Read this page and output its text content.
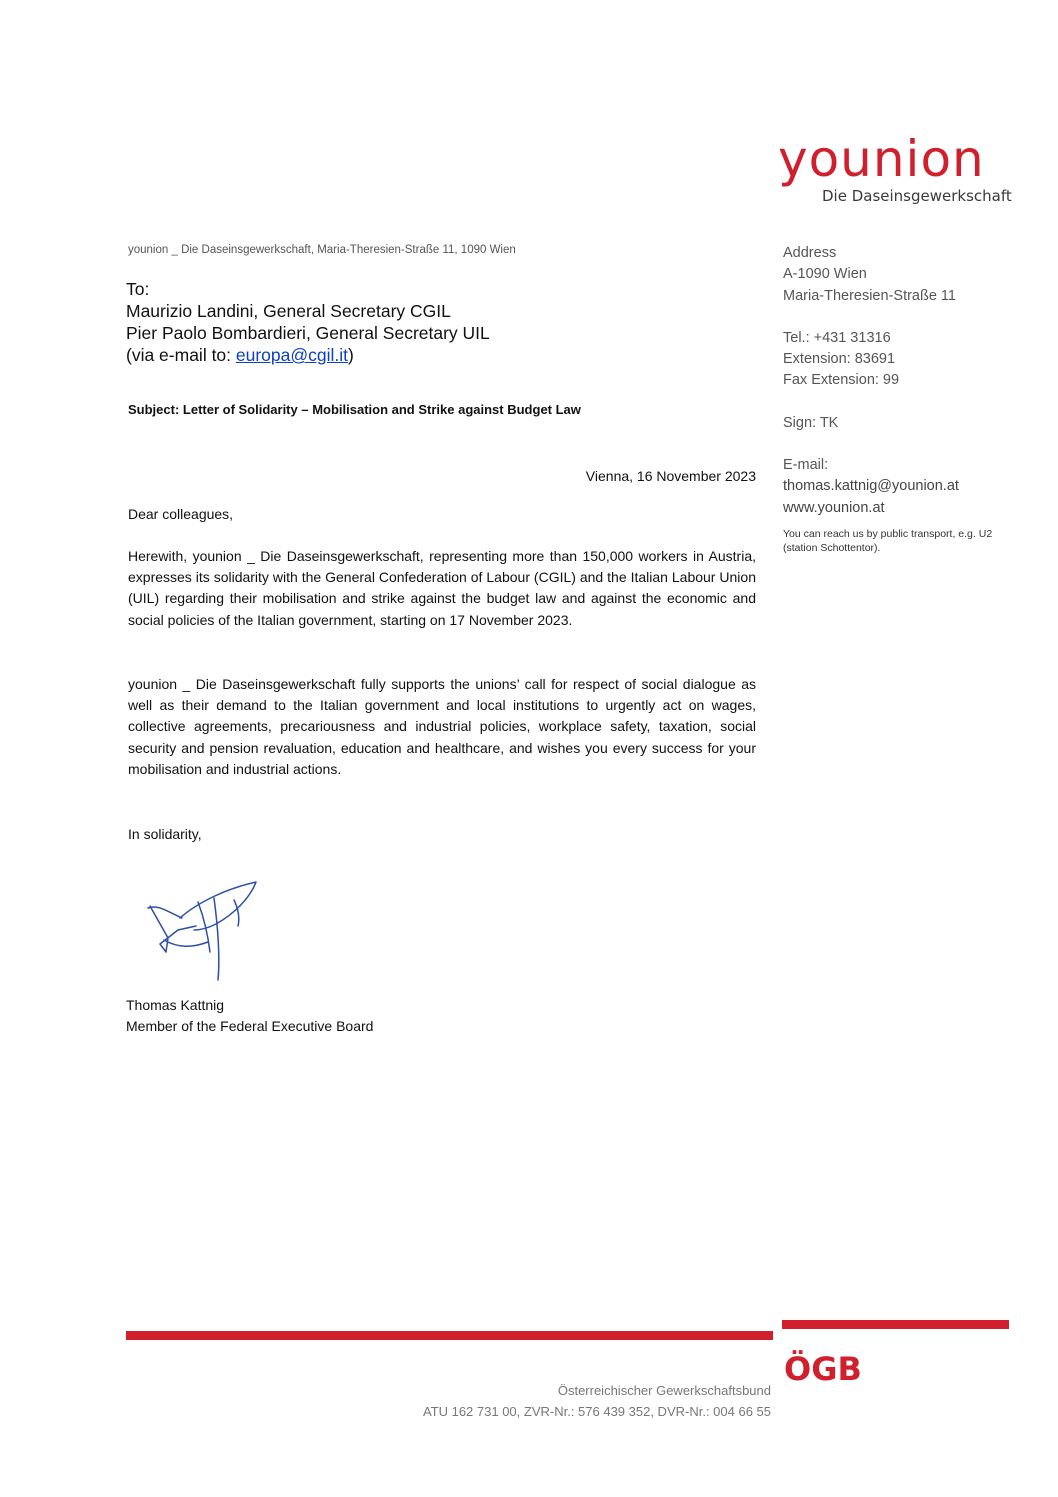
younion
Die Daseinsgewerkschaft
younion _ Die Daseinsgewerkschaft, Maria-Theresien-Straße 11, 1090 Wien
To:
Maurizio Landini, General Secretary CGIL
Pier Paolo Bombardieri, General Secretary UIL
(via e-mail to: europa@cgil.it)
Subject: Letter of Solidarity – Mobilisation and Strike against Budget Law
Vienna, 16 November 2023
Dear colleagues,
Herewith, younion _ Die Daseinsgewerkschaft, representing more than 150,000 workers in Austria, expresses its solidarity with the General Confederation of Labour (CGIL) and the Italian Labour Union (UIL) regarding their mobilisation and strike against the budget law and against the economic and social policies of the Italian government, starting on 17 November 2023.
younion _ Die Daseinsgewerkschaft fully supports the unions’ call for respect of social dialogue as well as their demand to the Italian government and local institutions to urgently act on wages, collective agreements, precariousness and industrial policies, workplace safety, taxation, social security and pension revaluation, education and healthcare, and wishes you every success for your mobilisation and industrial actions.
In solidarity,
Thomas Kattnig
Member of the Federal Executive Board
Address
A-1090 Wien
Maria-Theresien-Straße 11
Tel.: +431 31316
Extension: 83691
Fax Extension: 99
Sign: TK
E-mail:
thomas.kattnig@younion.at
www.younion.at
You can reach us by public transport, e.g. U2 (station Schottentor).
ÖGB
Österreichischer Gewerkschaftsbund
ATU 162 731 00, ZVR-Nr.: 576 439 352, DVR-Nr.: 004 66 55
